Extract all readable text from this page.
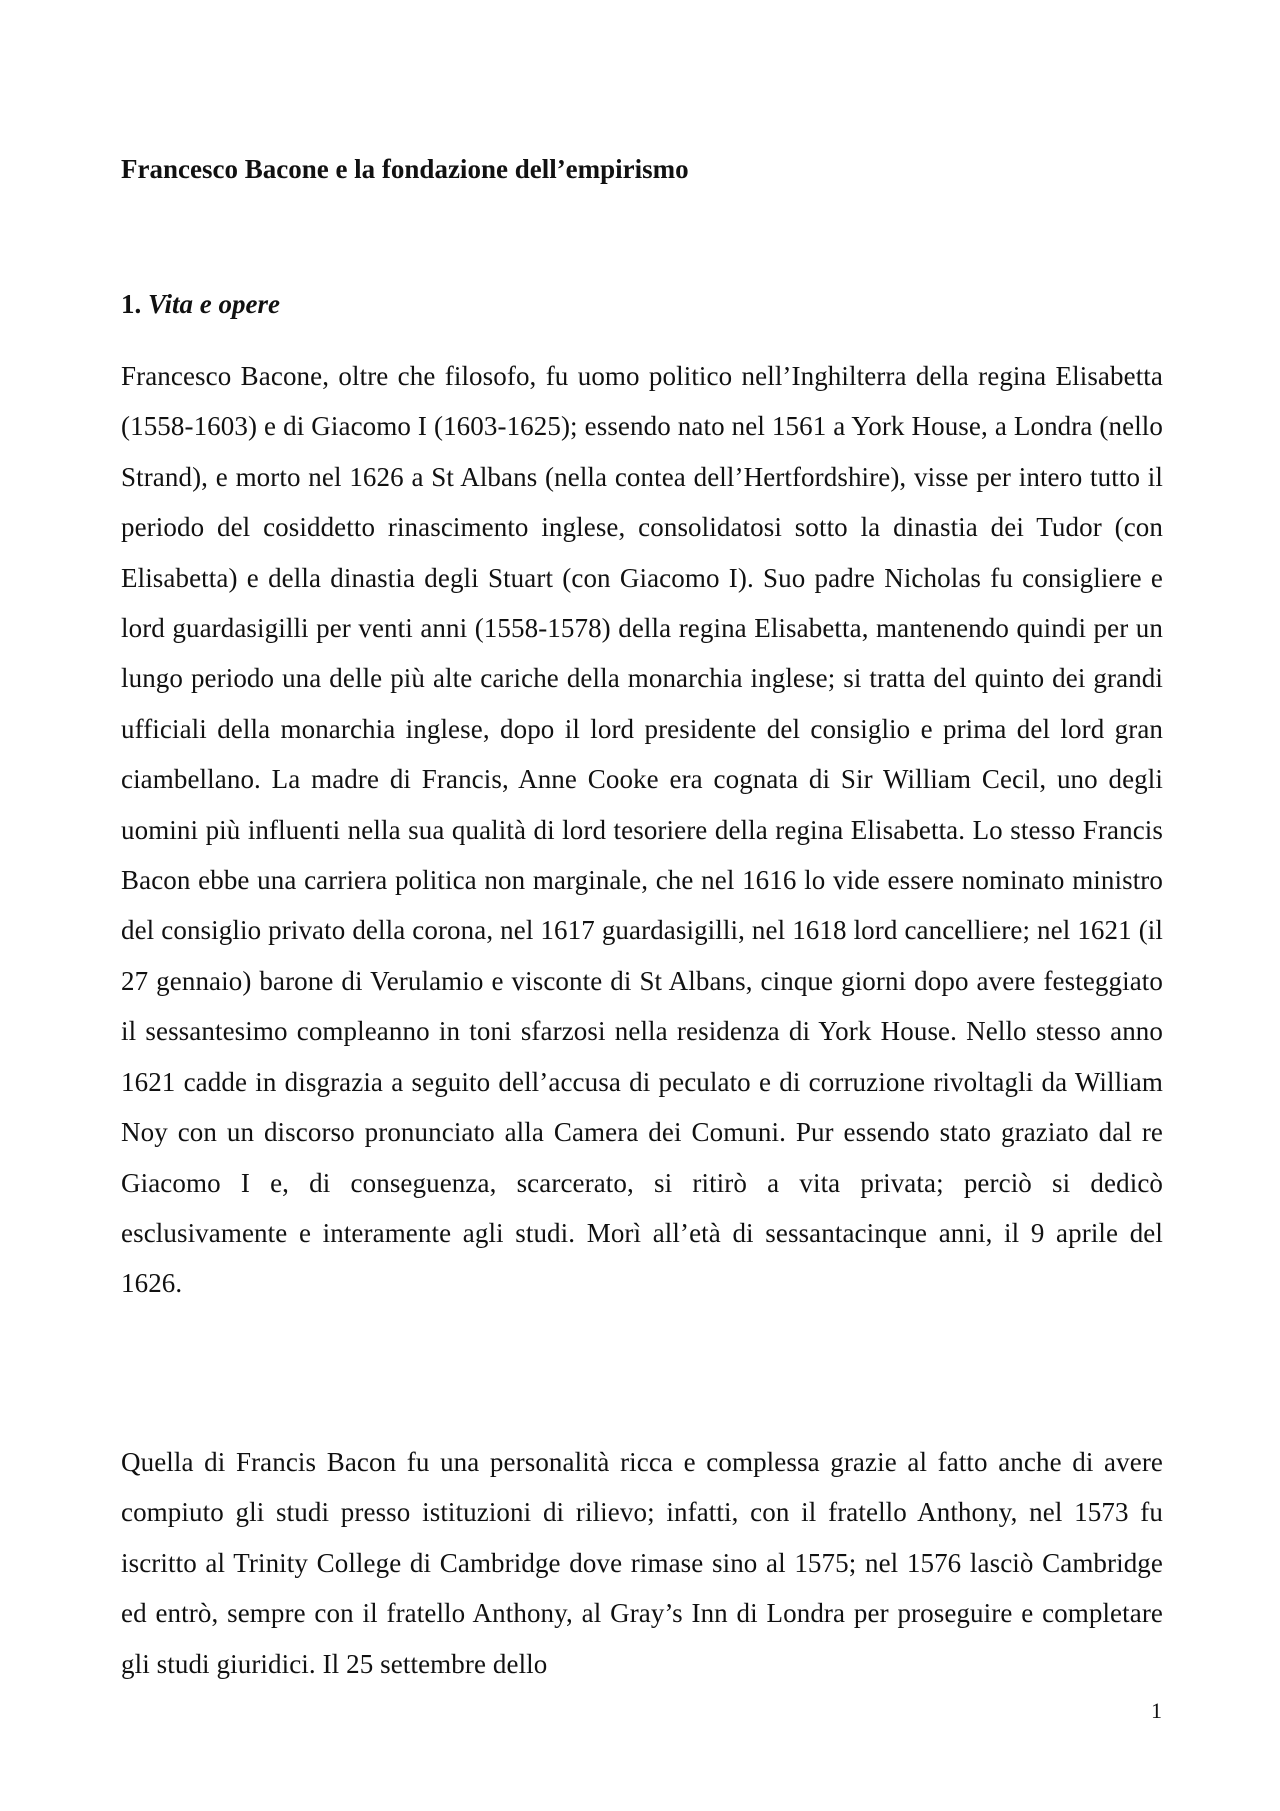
Francesco Bacone e la fondazione dell’empirismo
1. Vita e opere

Francesco Bacone, oltre che filosofo, fu uomo politico nell’Inghilterra della regina Elisabetta (1558-1603) e di Giacomo I (1603-1625); essendo nato nel 1561 a York House, a Londra (nello Strand), e morto nel 1626 a St Albans (nella contea dell’Hertfordshire), visse per intero tutto il periodo del cosiddetto rinascimento inglese, consolidatosi sotto la dinastia dei Tudor (con Elisabetta) e della dinastia degli Stuart (con Giacomo I). Suo padre Nicholas fu consigliere e lord guardasigilli per venti anni (1558-1578) della regina Elisabetta, mantenendo quindi per un lungo periodo una delle più alte cariche della monarchia inglese; si tratta del quinto dei grandi ufficiali della monarchia inglese, dopo il lord presidente del consiglio e prima del lord gran ciambellano. La madre di Francis, Anne Cooke era cognata di Sir William Cecil, uno degli uomini più influenti nella sua qualità di lord tesoriere della regina Elisabetta. Lo stesso Francis Bacon ebbe una carriera politica non marginale, che nel 1616 lo vide essere nominato ministro del consiglio privato della corona, nel 1617 guardasigilli, nel 1618 lord cancelliere; nel 1621 (il 27 gennaio) barone di Verulamio e visconte di St Albans, cinque giorni dopo avere festeggiato il sessantesimo compleanno in toni sfarzosi nella residenza di York House. Nello stesso anno 1621 cadde in disgrazia a seguito dell’accusa di peculato e di corruzione rivoltagli da William Noy con un discorso pronunciato alla Camera dei Comuni. Pur essendo stato graziato dal re Giacomo I e, di conseguenza, scarcerato, si ritirò a vita privata; perciò si dedicò esclusivamente e interamente agli studi. Morì all’età di sessantacinque anni, il 9 aprile del 1626.

Quella di Francis Bacon fu una personalità ricca e complessa grazie al fatto anche di avere compiuto gli studi presso istituzioni di rilievo; infatti, con il fratello Anthony, nel 1573 fu iscritto al Trinity College di Cambridge dove rimase sino al 1575; nel 1576 lasciò Cambridge ed entrò, sempre con il fratello Anthony, al Gray’s Inn di Londra per proseguire e completare gli studi giuridici. Il 25 settembre dello

1
